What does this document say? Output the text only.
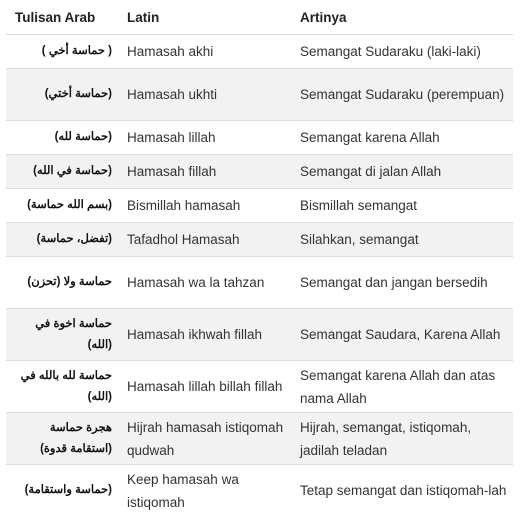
Tulisan Arab	Latin	Artinya
( حماسة أخي )	Hamasah akhi	Semangat Sudaraku (laki-laki)
(حماسة أختي)	Hamasah ukhti	Semangat Sudaraku (perempuan)
(حماسة لله)	Hamasah lillah	Semangat karena Allah
(حماسة في الله)	Hamasah fillah	Semangat di jalan Allah
(بسم الله حماسة)	Bismillah hamasah	Bismillah semangat
(تفضل، حماسة)	Tafadhol Hamasah	Silahkan, semangat
حماسة ولا (تحزن)	Hamasah wa la tahzan	Semangat dan jangan bersedih
حماسة اخوة في (الله)	Hamasah ikhwah fillah	Semangat Saudara, Karena Allah
حماسة لله بالله في (الله)	Hamasah lillah billah fillah	Semangat karena Allah dan atas nama Allah
هجرة حماسة (استقامة قدوة)	Hijrah hamasah istiqomah qudwah	Hijrah, semangat, istiqomah, jadilah teladan
(حماسة واستقامة)	Keep hamasah wa istiqomah	Tetap semangat dan istiqomah-lah
